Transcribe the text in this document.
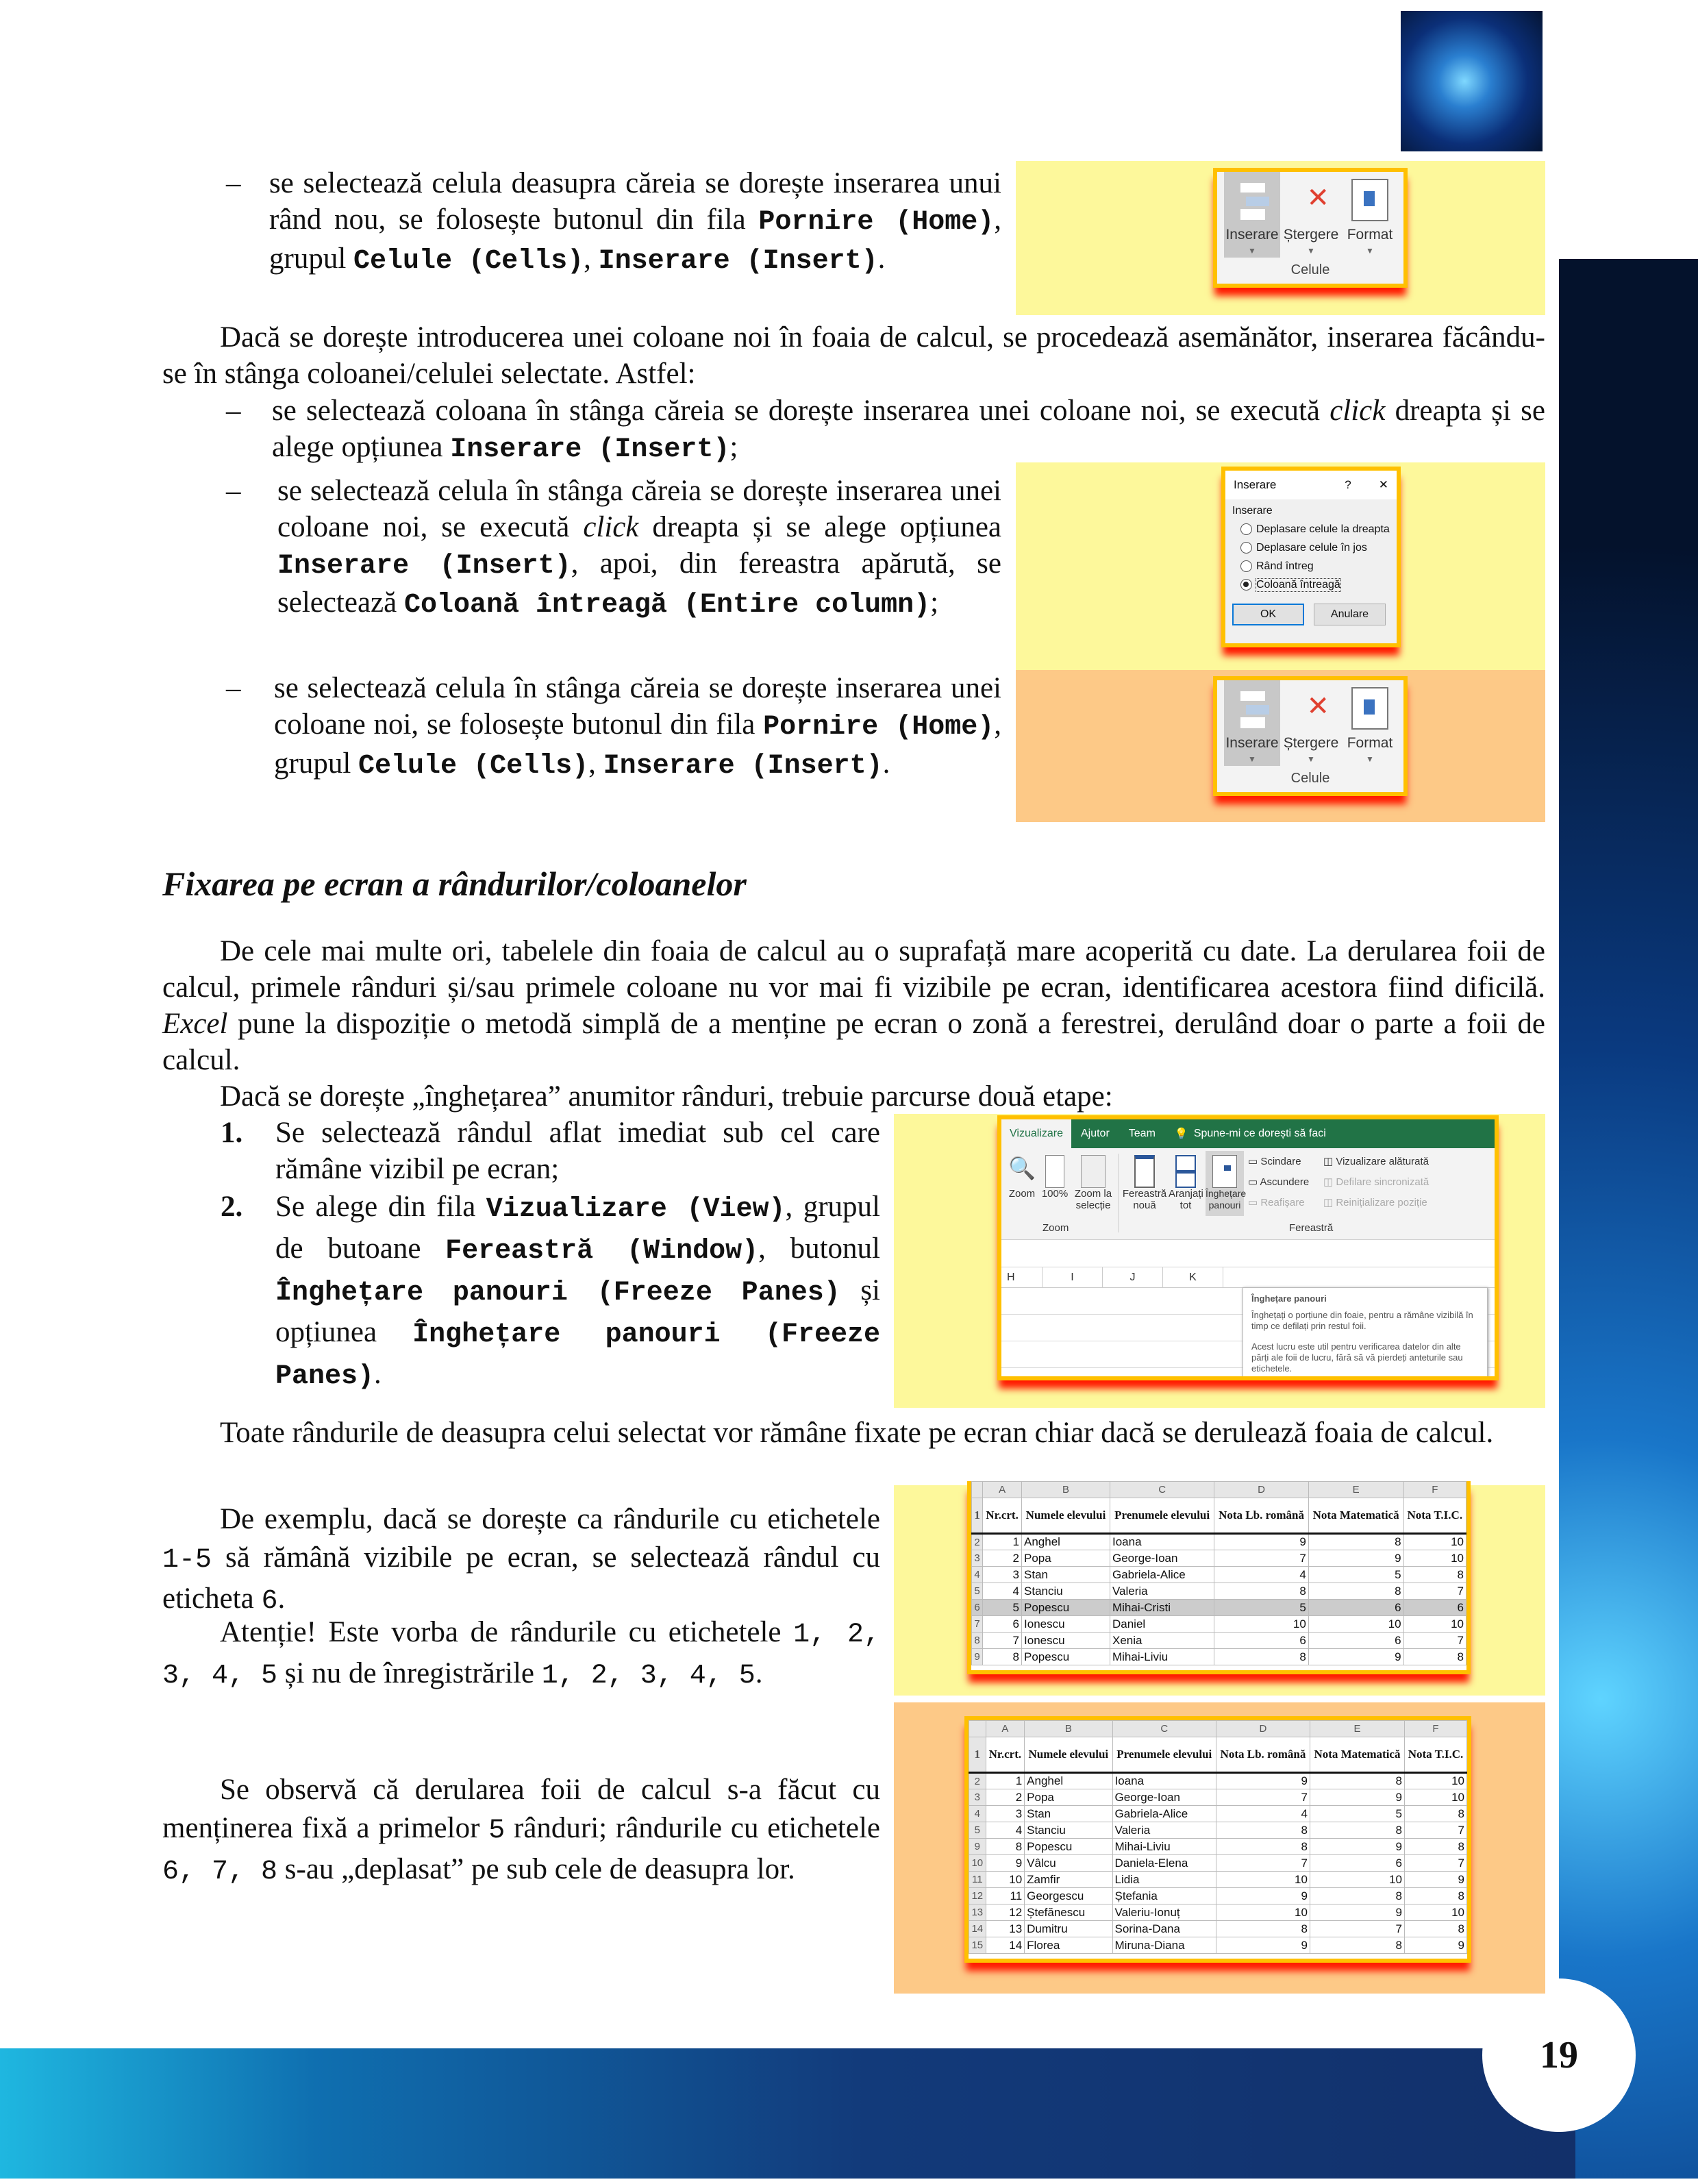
19
– se selectează celula deasupra căreia se dorește inserarea unui rând nou, se folosește butonul din fila Pornire (Home), grupul Celule (Cells), Inserare (Insert).

Inserare
▼
✕
Ștergere
▼
Format
▼
Celule

Dacă se dorește introducerea unei coloane noi în foaia de calcul, se procedează asemănător, inserarea făcându-se în stânga coloanei/celulei selectate. Astfel:

– se selectează coloana în stânga căreia se dorește inserarea unei coloane noi, se execută click dreapta și se alege opțiunea Inserare (Insert);

– se selectează celula în stânga căreia se dorește inserarea unei coloane noi, se execută click dreapta și se alege opțiunea Inserare (Insert), apoi, din fereastra apărută, se selectează Coloană întreagă (Entire column);

Inserare	? ✕
Inserare
Deplasare celule la dreapta
Deplasare celule în jos
Rând întreg
Coloană întreagă
OK	Anulare
– se selectează celula în stânga căreia se dorește inserarea unei coloane noi, se folosește butonul din fila Pornire (Home), grupul Celule (Cells), Inserare (Insert).

Inserare
▼
✕
Ștergere
▼
Format
▼
Celule
Fixarea pe ecran a rândurilor/coloanelor

De cele mai multe ori, tabelele din foaia de calcul au o suprafață mare acoperită cu date. La derularea foii de calcul, primele rânduri și/sau primele coloane nu vor mai fi vizibile pe ecran, identificarea acestora fiind dificilă. Excel pune la dispoziție o metodă simplă de a menține pe ecran o zonă a ferestrei, derulând doar o parte a foii de calcul.

Dacă se dorește „înghețarea” anumitor rânduri, trebuie parcurse două etape:

1. Se selectează rândul aflat imediat sub cel care rămâne vizibil pe ecran;

2. Se alege din fila Vizualizare (View), grupul de butoane Fereastră (Window), butonul Înghețare panouri (Freeze Panes) și opțiunea Înghețare panouri (Freeze Panes).

Vizualizare	Ajutor	Team	💡 Spune-mi ce dorești să faci
🔍
Zoom 100% Zoom la selecție
Zoom
Fereastră nouă
Aranjați tot
Înghețare panouri
▭ Scindare
▭ Ascundere
▭ Reafișare
◫ Vizualizare alăturată
◫ Defilare sincronizată
◫ Reinițializare poziție
Fereastră
H	I	J	K
Înghețare panouri
Înghețați o porțiune din foaie, pentru a rămâne vizibilă în timp ce defilați prin restul foii.
Acest lucru este util pentru verificarea datelor din alte părți ale foii de lucru, fără să vă pierdeți anteturile sau etichetele.

Toate rândurile de deasupra celui selectat vor rămâne fixate pe ecran chiar dacă se derulează foaia de calcul.

De exemplu, dacă se dorește ca rândurile cu etichetele 1-5 să rămână vizibile pe ecran, se selectează rândul cu eticheta 6.

Atenție! Este vorba de rândurile cu etichetele 1, 2, 3, 4, 5 și nu de înregistrările 1, 2, 3, 4, 5.

	A	B	C	D	E	F
1	Nr.crt.	Numele elevului	Prenumele elevului	Nota Lb. română	Nota Matematică	Nota T.I.C.
2	1	Anghel	Ioana	9	8	10
3	2	Popa	George-Ioan	7	9	10
4	3	Stan	Gabriela-Alice	4	5	8
5	4	Stanciu	Valeria	8	8	7
6	5	Popescu	Mihai-Cristi	5	6	6
7	6	Ionescu	Daniel	10	10	10
8	7	Ionescu	Xenia	6	6	7
9	8	Popescu	Mihai-Liviu	8	9	8

Se observă că derularea foii de calcul s-a făcut cu menținerea fixă a primelor 5 rânduri; rândurile cu etichetele 6, 7, 8 s-au „deplasat” pe sub cele de deasupra lor.

	A	B	C	D	E	F
1	Nr.crt.	Numele elevului	Prenumele elevului	Nota Lb. română	Nota Matematică	Nota T.I.C.
2	1	Anghel	Ioana	9	8	10
3	2	Popa	George-Ioan	7	9	10
4	3	Stan	Gabriela-Alice	4	5	8
5	4	Stanciu	Valeria	8	8	7
9	8	Popescu	Mihai-Liviu	8	9	8
10	9	Vâlcu	Daniela-Elena	7	6	7
11	10	Zamfir	Lidia	10	10	9
12	11	Georgescu	Ștefania	9	8	8
13	12	Ștefănescu	Valeriu-Ionuț	10	9	10
14	13	Dumitru	Sorina-Dana	8	7	8
15	14	Florea	Miruna-Diana	9	8	9
